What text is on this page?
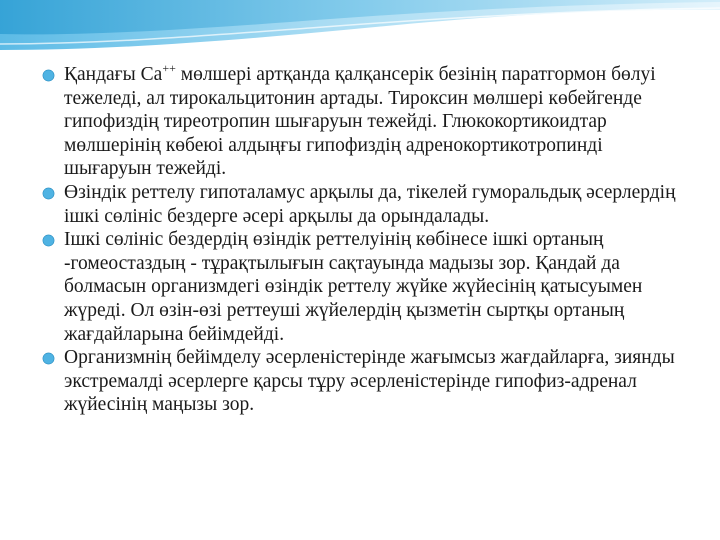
Қандағы Са++ мөлшері артқанда қалқансерік безінің паратгормон бөлуі тежеледі, ал тирокальцитонин артады. Тироксин мөлшері көбейгенде гипофиздің тиреотропин шығаруын тежейді. Глюкокортикоидтар мөлшерінің көбеюі алдыңғы гипофиздің адренокортикотропинді шығаруын тежейді.
Өзіндік реттелу гипоталамус арқылы да, тікелей гуморальдық әсерлердің ішкі сөлініс бездерге әсері арқылы да орындалады.
Ішкі сөлініс бездердің өзіндік реттелуінің көбінесе ішкі ортаның -гомеостаздың - тұрақтылығын сақтауында мадызы зор. Қандай да болмасын организмдегі өзіндік реттелу жүйке жүйесінің қатысуымен жүреді. Ол өзін-өзі реттеуші жүйелердің қызметін сыртқы ортаның жағдайларына бейімдейді.
Организмнің бейімделу әсерленістерінде жағымсыз жағдайларға, зиянды экстремалді әсерлерге қарсы тұру әсерленістерінде гипофиз-адренал жүйесінің маңызы зор.
